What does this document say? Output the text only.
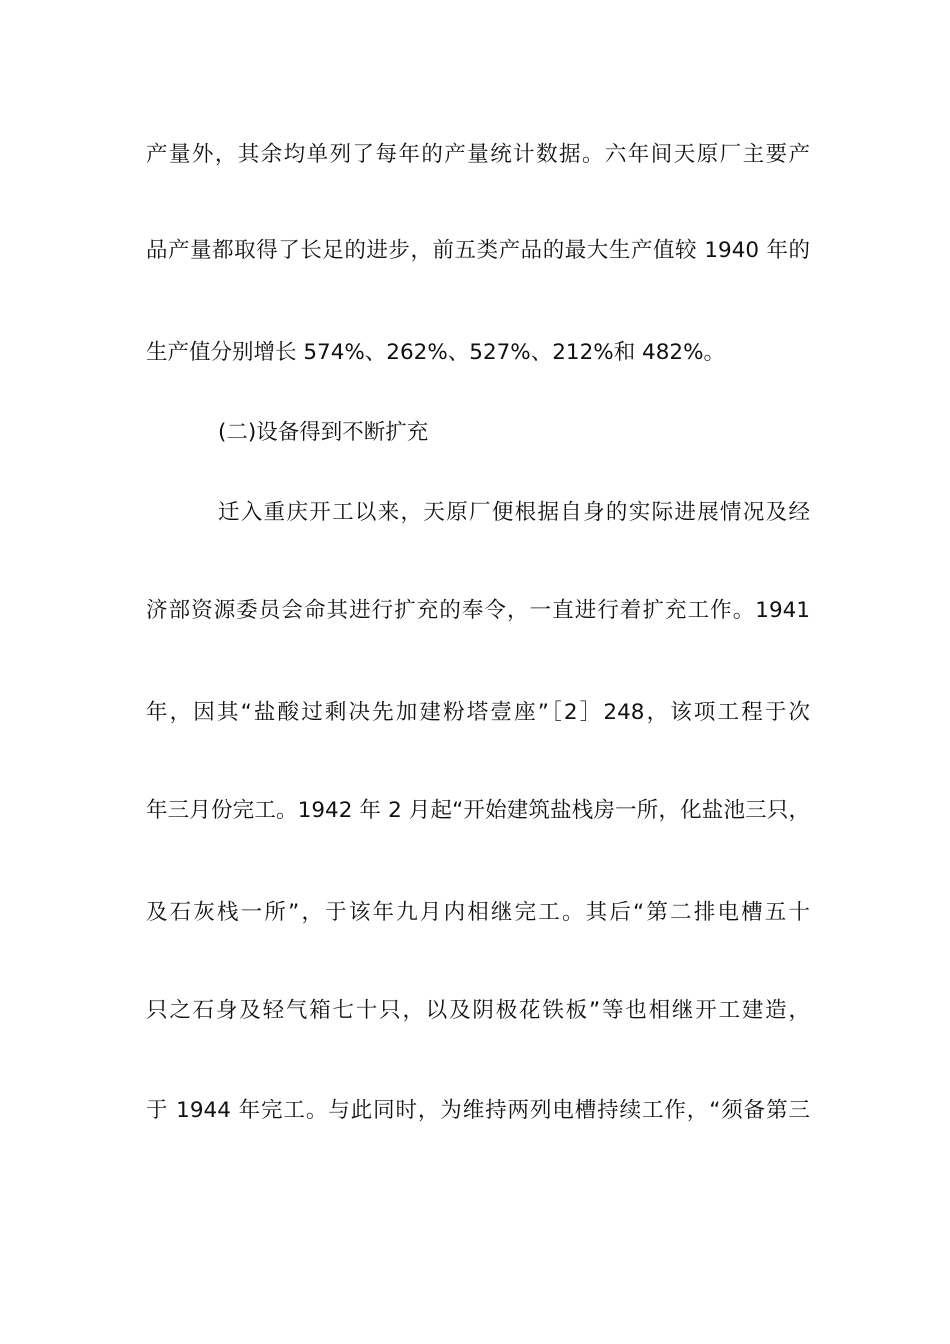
产量外，其余均单列了每年的产量统计数据。六年间天原厂主要产
品产量都取得了长足的进步，前五类产品的最大生产值较 1940 年的
生产值分别增长 574%、262%、527%、212%和 482%。
(二)设备得到不断扩充
迁入重庆开工以来，天原厂便根据自身的实际进展情况及经
济部资源委员会命其进行扩充的奉令，一直进行着扩充工作。1941
年，因其“盐酸过剩决先加建粉塔壹座”［2］248，该项工程于次
年三月份完工。1942 年 2 月起“开始建筑盐栈房一所，化盐池三只，
及石灰栈一所”，于该年九月内相继完工。其后“第二排电槽五十
只之石身及轻气箱七十只，以及阴极花铁板”等也相继开工建造，
于 1944 年完工。与此同时，为维持两列电槽持续工作，“须备第三
